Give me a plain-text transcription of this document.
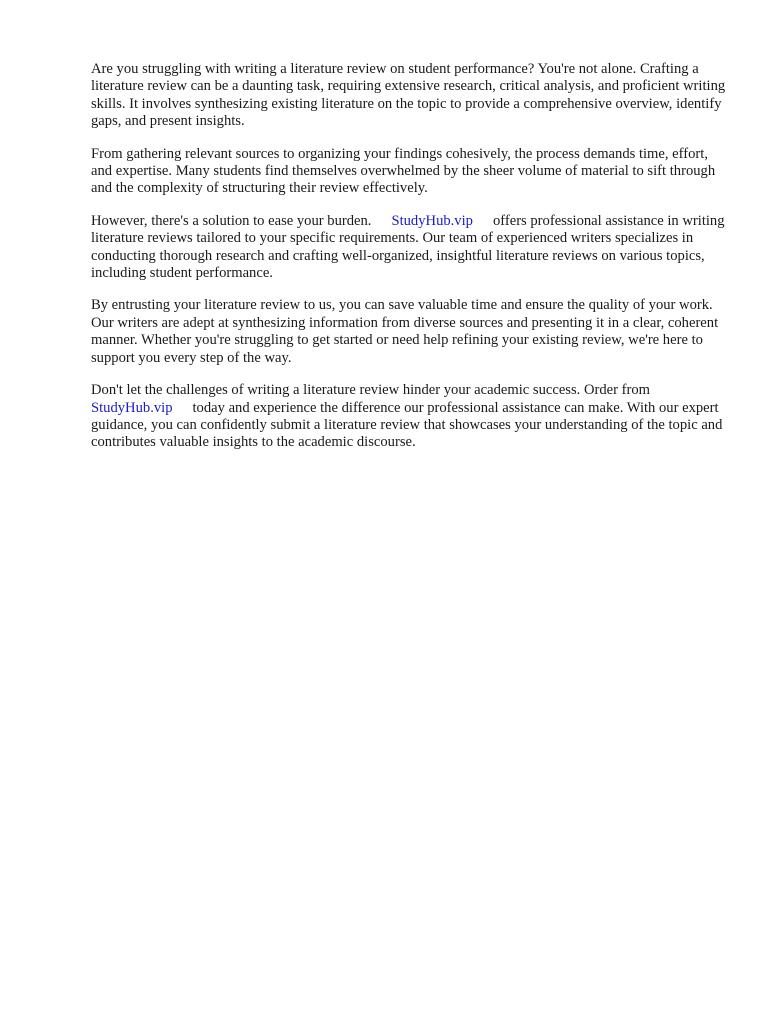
Are you struggling with writing a literature review on student performance? You're not alone. Crafting a literature review can be a daunting task, requiring extensive research, critical analysis, and proficient writing skills. It involves synthesizing existing literature on the topic to provide a comprehensive overview, identify gaps, and present insights.

From gathering relevant sources to organizing your findings cohesively, the process demands time, effort, and expertise. Many students find themselves overwhelmed by the sheer volume of material to sift through and the complexity of structuring their review effectively.

However, there's a solution to ease your burden. StudyHub.vip offers professional assistance in writing literature reviews tailored to your specific requirements. Our team of experienced writers specializes in conducting thorough research and crafting well-organized, insightful literature reviews on various topics, including student performance.

By entrusting your literature review to us, you can save valuable time and ensure the quality of your work. Our writers are adept at synthesizing information from diverse sources and presenting it in a clear, coherent manner. Whether you're struggling to get started or need help refining your existing review, we're here to support you every step of the way.

Don't let the challenges of writing a literature review hinder your academic success. Order from StudyHub.vip today and experience the difference our professional assistance can make. With our expert guidance, you can confidently submit a literature review that showcases your understanding of the topic and contributes valuable insights to the academic discourse.
